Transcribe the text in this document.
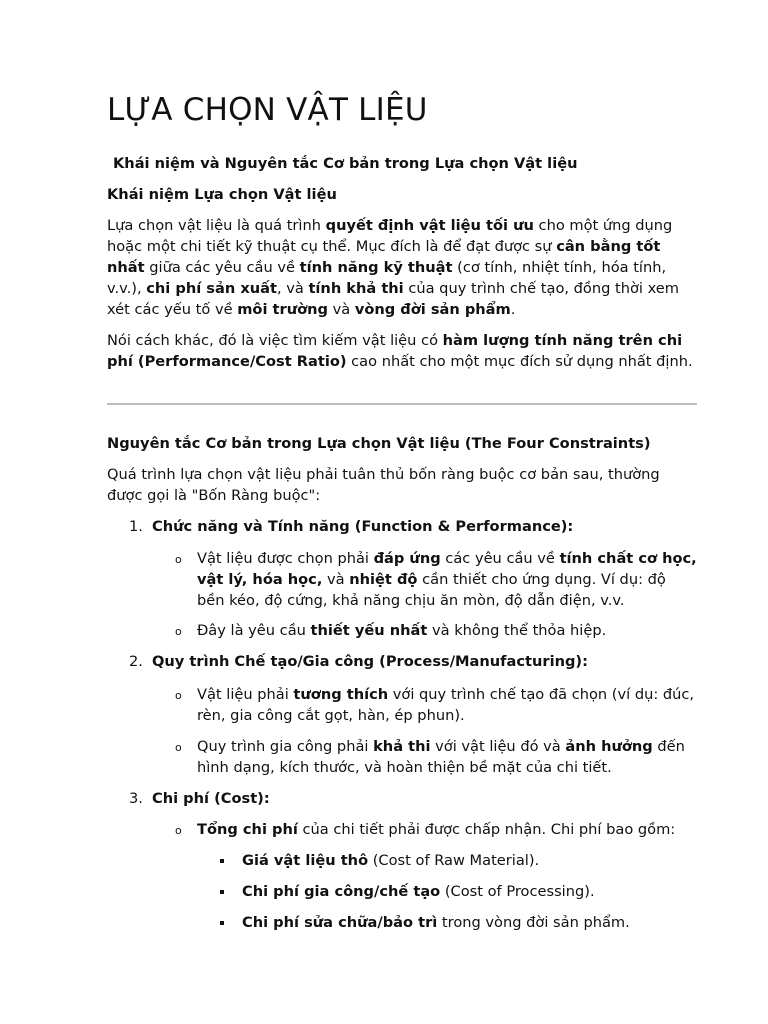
LỰA CHỌN VẬT LIỆU

Khái niệm và Nguyên tắc Cơ bản trong Lựa chọn Vật liệu

Khái niệm Lựa chọn Vật liệu

Lựa chọn vật liệu là quá trình quyết định vật liệu tối ưu cho một ứng dụng hoặc một chi tiết kỹ thuật cụ thể. Mục đích là để đạt được sự cân bằng tốt nhất giữa các yêu cầu về tính năng kỹ thuật (cơ tính, nhiệt tính, hóa tính, v.v.), chi phí sản xuất, và tính khả thi của quy trình chế tạo, đồng thời xem xét các yếu tố về môi trường và vòng đời sản phẩm.

Nói cách khác, đó là việc tìm kiếm vật liệu có hàm lượng tính năng trên chi phí (Performance/Cost Ratio) cao nhất cho một mục đích sử dụng nhất định.

Nguyên tắc Cơ bản trong Lựa chọn Vật liệu (The Four Constraints)

Quá trình lựa chọn vật liệu phải tuân thủ bốn ràng buộc cơ bản sau, thường được gọi là "Bốn Ràng buộc":

1. Chức năng và Tính năng (Function & Performance):

o Vật liệu được chọn phải đáp ứng các yêu cầu về tính chất cơ học, vật lý, hóa học, và nhiệt độ cần thiết cho ứng dụng. Ví dụ: độ bền kéo, độ cứng, khả năng chịu ăn mòn, độ dẫn điện, v.v.

o Đây là yêu cầu thiết yếu nhất và không thể thỏa hiệp.

2. Quy trình Chế tạo/Gia công (Process/Manufacturing):

o Vật liệu phải tương thích với quy trình chế tạo đã chọn (ví dụ: đúc, rèn, gia công cắt gọt, hàn, ép phun).

o Quy trình gia công phải khả thi với vật liệu đó và ảnh hưởng đến hình dạng, kích thước, và hoàn thiện bề mặt của chi tiết.

3. Chi phí (Cost):

o Tổng chi phí của chi tiết phải được chấp nhận. Chi phí bao gồm:

Giá vật liệu thô (Cost of Raw Material).

Chi phí gia công/chế tạo (Cost of Processing).

Chi phí sửa chữa/bảo trì trong vòng đời sản phẩm.
